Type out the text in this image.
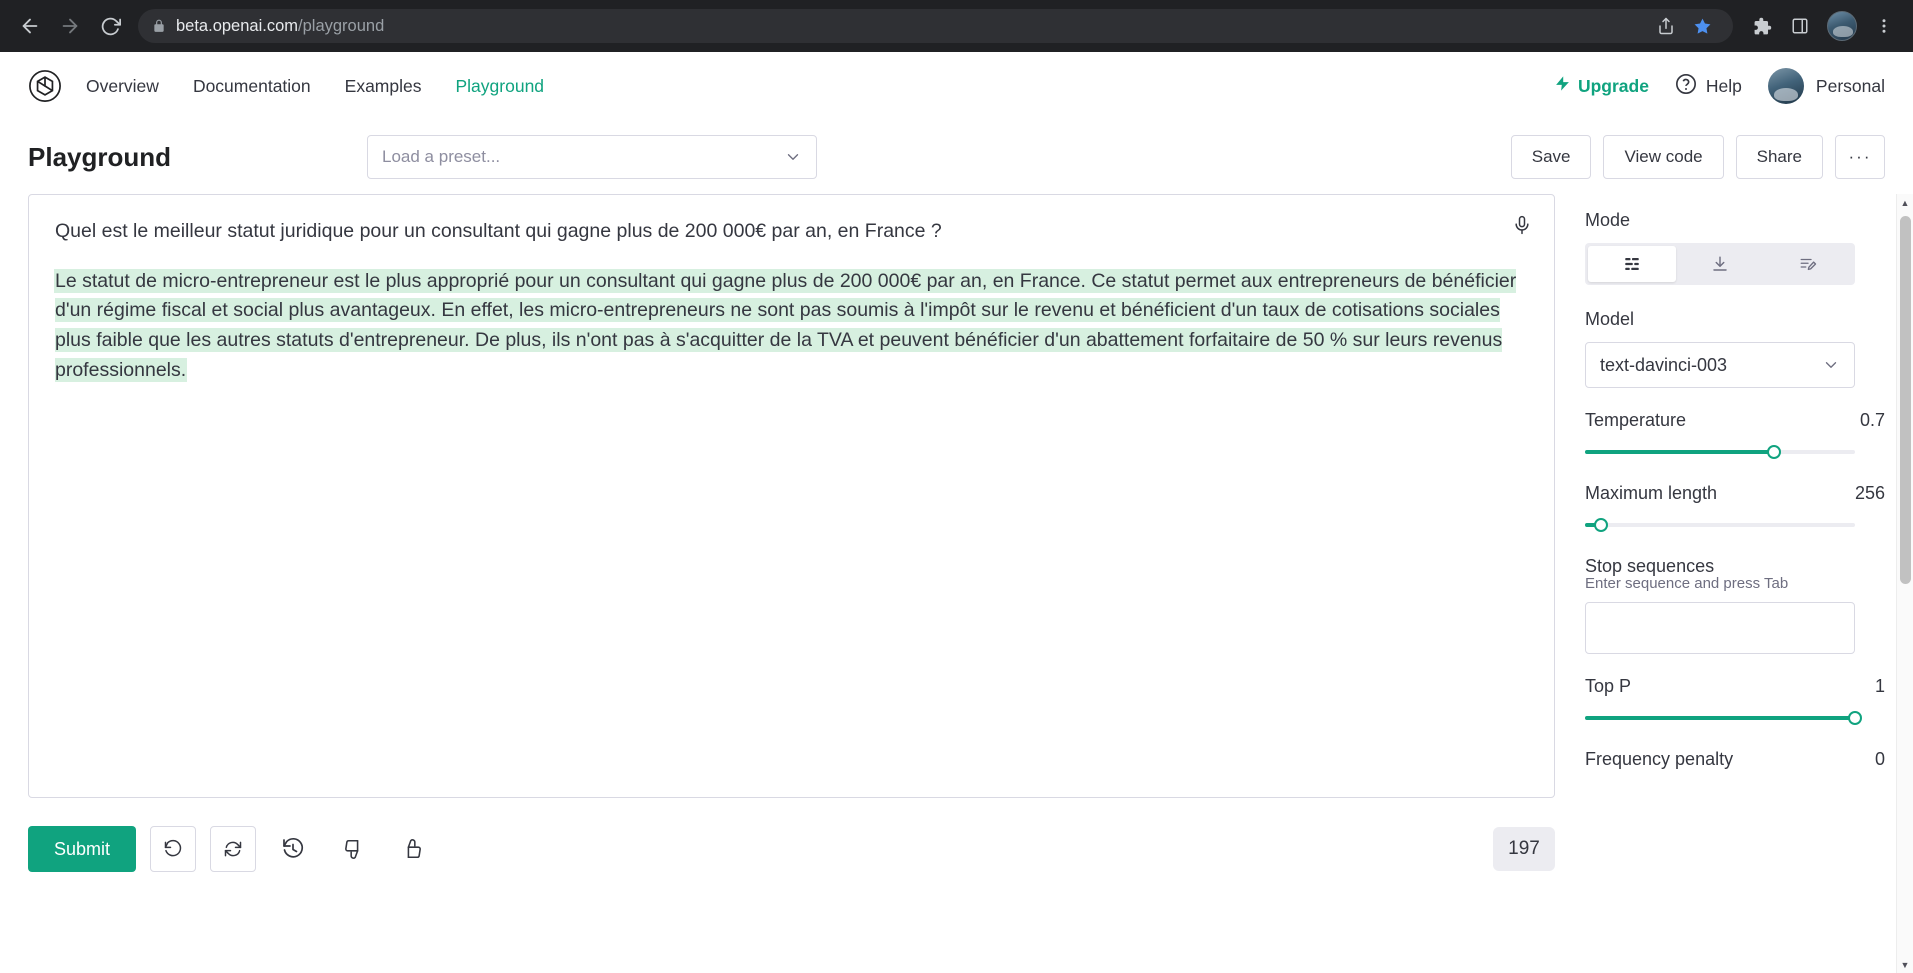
beta.openai.com/playground
Overview Documentation Examples Playground	Upgrade	Help	Personal
Playground	Load a preset...	Save	View code	Share	···
Quel est le meilleur statut juridique pour un consultant qui gagne plus de 200 000€ par an, en France ?
Le statut de micro-entrepreneur est le plus approprié pour un consultant qui gagne plus de 200 000€ par an, en France. Ce statut permet aux entrepreneurs de bénéficier d'un régime fiscal et social plus avantageux. En effet, les micro-entrepreneurs ne sont pas soumis à l'impôt sur le revenu et bénéficient d'un taux de cotisations sociales plus faible que les autres statuts d'entrepreneur. De plus, ils n'ont pas à s'acquitter de la TVA et peuvent bénéficier d'un abattement forfaitaire de 50 % sur leurs revenus professionnels.
Submit	197
Mode
Model
text-davinci-003
Temperature	0.7
Maximum length	256
Stop sequences
Enter sequence and press Tab
Top P	1
Frequency penalty	0
▲
▼
